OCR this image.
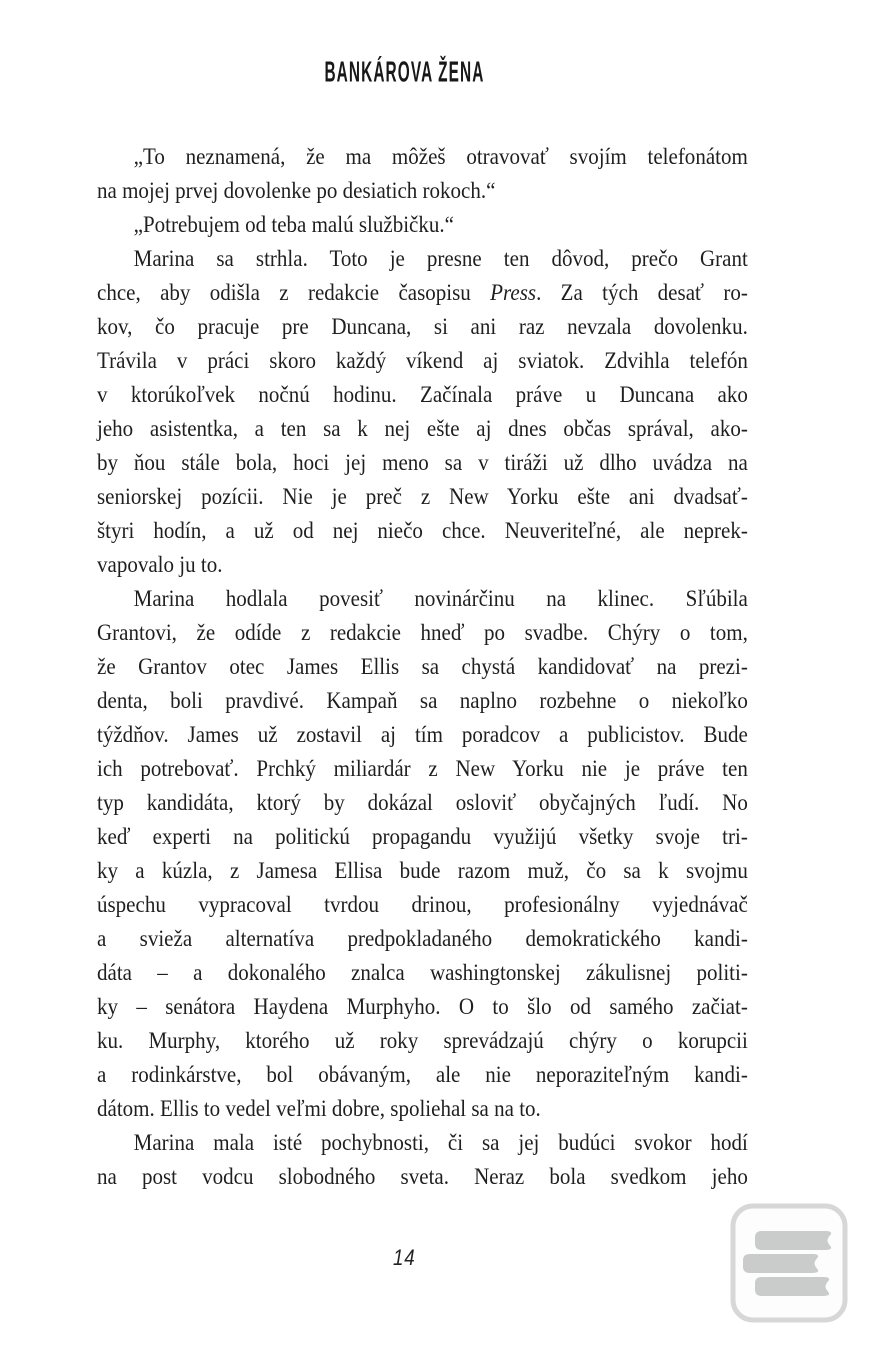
BANKÁROVA ŽENA
„To neznamená, že ma môžeš otravovať svojím telefonátom
na mojej prvej dovolenke po desiatich rokoch.“
„Potrebujem od teba malú službičku.“
Marina sa strhla. Toto je presne ten dôvod, prečo Grant
chce, aby odišla z redakcie časopisu Press. Za tých desať ro-
kov, čo pracuje pre Duncana, si ani raz nevzala dovolenku.
Trávila v práci skoro každý víkend aj sviatok. Zdvihla telefón
v ktorúkoľvek nočnú hodinu. Začínala práve u Duncana ako
jeho asistentka, a ten sa k nej ešte aj dnes občas správal, ako-
by ňou stále bola, hoci jej meno sa v tiráži už dlho uvádza na
seniorskej pozícii. Nie je preč z New Yorku ešte ani dvadsať-
štyri hodín, a už od nej niečo chce. Neuveriteľné, ale neprek-
vapovalo ju to.
Marina hodlala povesiť novinárčinu na klinec. Sľúbila
Grantovi, že odíde z redakcie hneď po svadbe. Chýry o tom,
že Grantov otec James Ellis sa chystá kandidovať na prezi-
denta, boli pravdivé. Kampaň sa naplno rozbehne o niekoľko
týždňov. James už zostavil aj tím poradcov a publicistov. Bude
ich potrebovať. Prchký miliardár z New Yorku nie je práve ten
typ kandidáta, ktorý by dokázal osloviť obyčajných ľudí. No
keď experti na politickú propagandu využijú všetky svoje tri-
ky a kúzla, z Jamesa Ellisa bude razom muž, čo sa k svojmu
úspechu vypracoval tvrdou drinou, profesionálny vyjednávač
a svieža alternatíva predpokladaného demokratického kandi-
dáta – a dokonalého znalca washingtonskej zákulisnej politi-
ky – senátora Haydena Murphyho. O to šlo od samého začiat-
ku. Murphy, ktorého už roky sprevádzajú chýry o korupcii
a rodinkárstve, bol obávaným, ale nie neporaziteľným kandi-
dátom. Ellis to vedel veľmi dobre, spoliehal sa na to.
Marina mala isté pochybnosti, či sa jej budúci svokor hodí
na post vodcu slobodného sveta. Neraz bola svedkom jeho
14
